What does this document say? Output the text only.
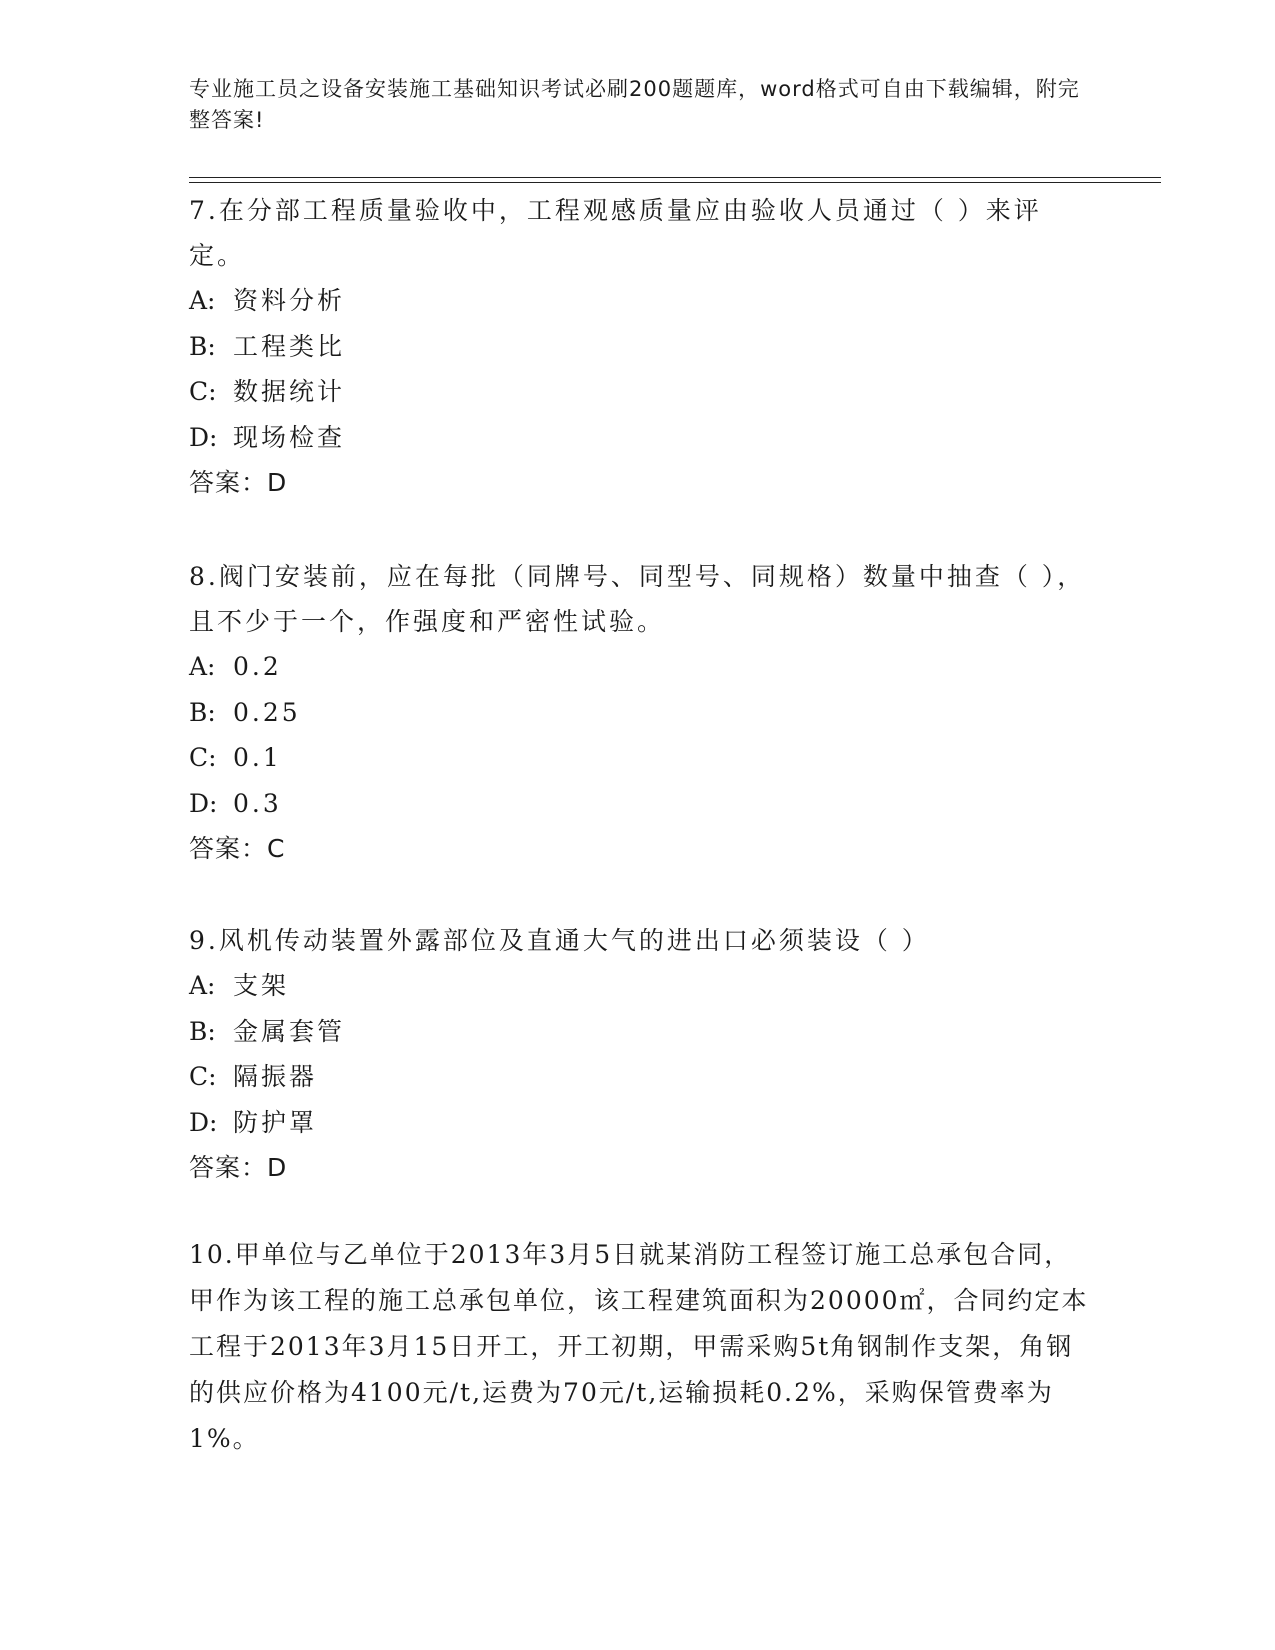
专业施工员之设备安装施工基础知识考试必刷200题题库，word格式可自由下载编辑，附完整答案!
7.在分部工程质量验收中，工程观感质量应由验收人员通过（ ）来评定。
A: 资料分析
B: 工程类比
C: 数据统计
D: 现场检查
答案：D
8.阀门安装前，应在每批（同牌号、同型号、同规格）数量中抽查（ ），且不少于一个，作强度和严密性试验。
A: 0.2
B: 0.25
C: 0.1
D: 0.3
答案：C
9.风机传动装置外露部位及直通大气的进出口必须装设（ ）
A: 支架
B: 金属套管
C: 隔振器
D: 防护罩
答案：D
10.甲单位与乙单位于2013年3月5日就某消防工程签订施工总承包合同，甲作为该工程的施工总承包单位，该工程建筑面积为20000㎡，合同约定本工程于2013年3月15日开工，开工初期，甲需采购5t角钢制作支架，角钢的供应价格为4100元/t,运费为70元/t,运输损耗0.2%，采购保管费率为1%。
